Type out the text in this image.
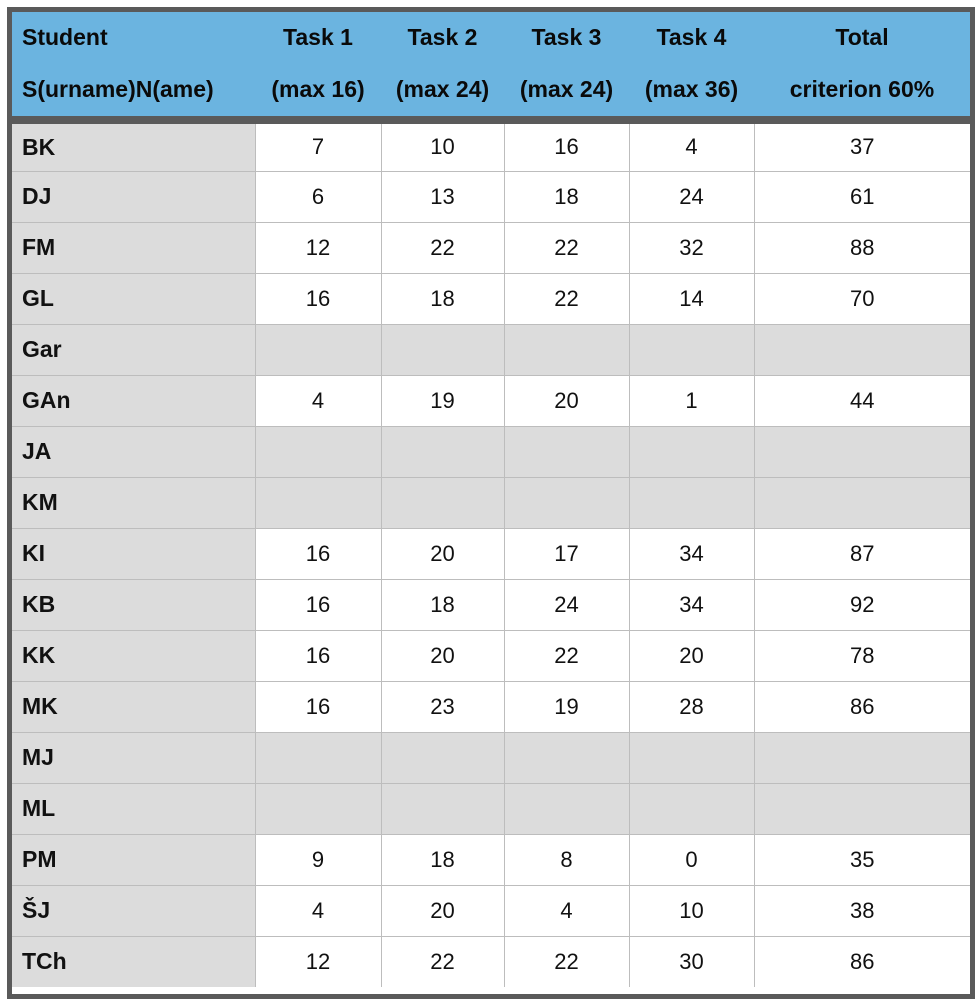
Student	Task 1	Task 2	Task 3	Task 4	Total
S(urname)N(ame)	(max 16)	(max 24)	(max 24)	(max 36)	criterion 60%
BK	7	10	16	4	37
DJ	6	13	18	24	61
FM	12	22	22	32	88
GL	16	18	22	14	70
Gar					
GAn	4	19	20	1	44
JA					
KM					
KI	16	20	17	34	87
KB	16	18	24	34	92
KK	16	20	22	20	78
MK	16	23	19	28	86
MJ					
ML					
PM	9	18	8	0	35
ŠJ	4	20	4	10	38
TCh	12	22	22	30	86
